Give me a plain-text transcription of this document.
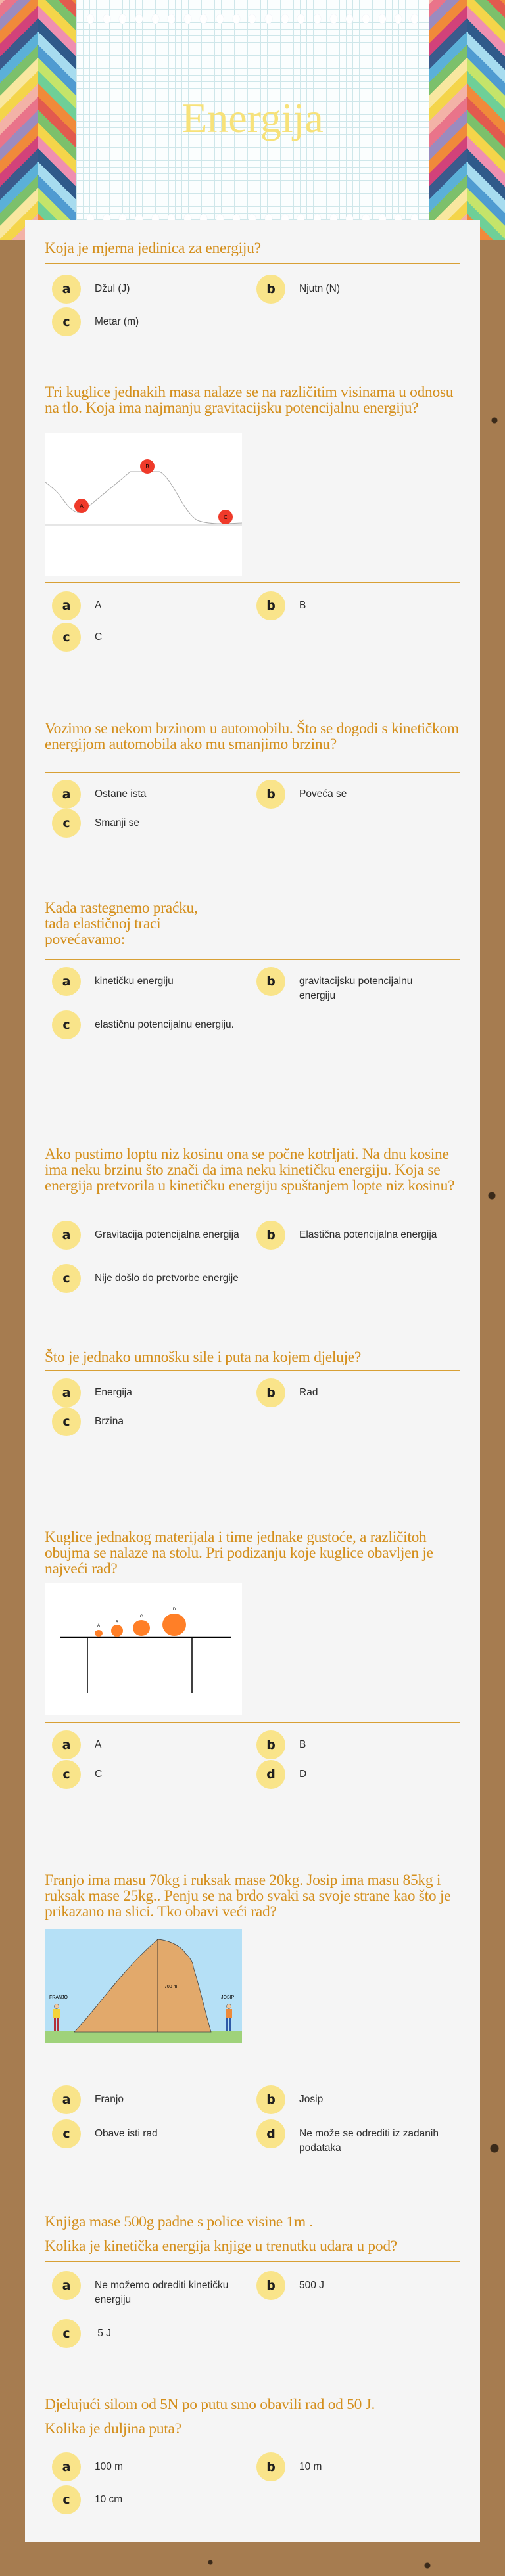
Energija
Koja je mjerna jedinica za energiju?
a	Džul (J)	b	Njutn (N)
c	Metar (m)
Tri kuglice jednakih masa nalaze se na različitim visinama u odnosu na tlo. Koja ima najmanju gravitacijsku potencijalnu energiju?
A
B
C
a	A	b	B
c	C
Vozimo se nekom brzinom u automobilu. Što se dogodi s kinetičkom energijom automobila ako mu smanjimo brzinu?
a	Ostane ista	b	Poveća se
c	Smanji se
Kada rastegnemo praćku,
tada elastičnoj traci
povećavamo:
a	kinetičku energiju	b	gravitacijsku potencijalnu energiju
c	elastičnu potencijalnu energiju.
Ako pustimo loptu niz kosinu ona se počne kotrljati. Na dnu kosine ima neku brzinu što znači da ima neku kinetičku energiju. Koja se energija pretvorila u kinetičku energiju spuštanjem lopte niz kosinu?
a	Gravitacija potencijalna energija	b	Elastična potencijalna energija
c	Nije došlo do pretvorbe energije
Što je jednako umnošku sile i puta na kojem djeluje?
a	Energija	b	Rad
c	Brzina
Kuglice jednakog materijala i time jednake gustoće, a različitoh obujma se nalaze na stolu. Pri podizanju koje kuglice obavljen je najveći rad?
A
B
C
D
a	A	b	B
c	C	d	D
Franjo ima masu 70kg i ruksak mase 20kg. Josip ima masu 85kg i ruksak mase 25kg.. Penju se na brdo svaki sa svoje strane kao što je prikazano na slici. Tko obavi veći rad?
700 m
FRANJO	JOSIP
a	Franjo	b	Josip
c	Obave isti rad	d	Ne može se odrediti iz zadanih podataka
Knjiga mase 500g padne s police visine 1m .
Kolika je kinetička energija knjige u trenutku udara u pod?
a	Ne možemo odrediti kinetičku energiju
b	500 J
c	5 J
Djelujući silom od 5N po putu smo obavili rad od 50 J.
Kolika je duljina puta?
a	100 m	b	10 m
c	10 cm
